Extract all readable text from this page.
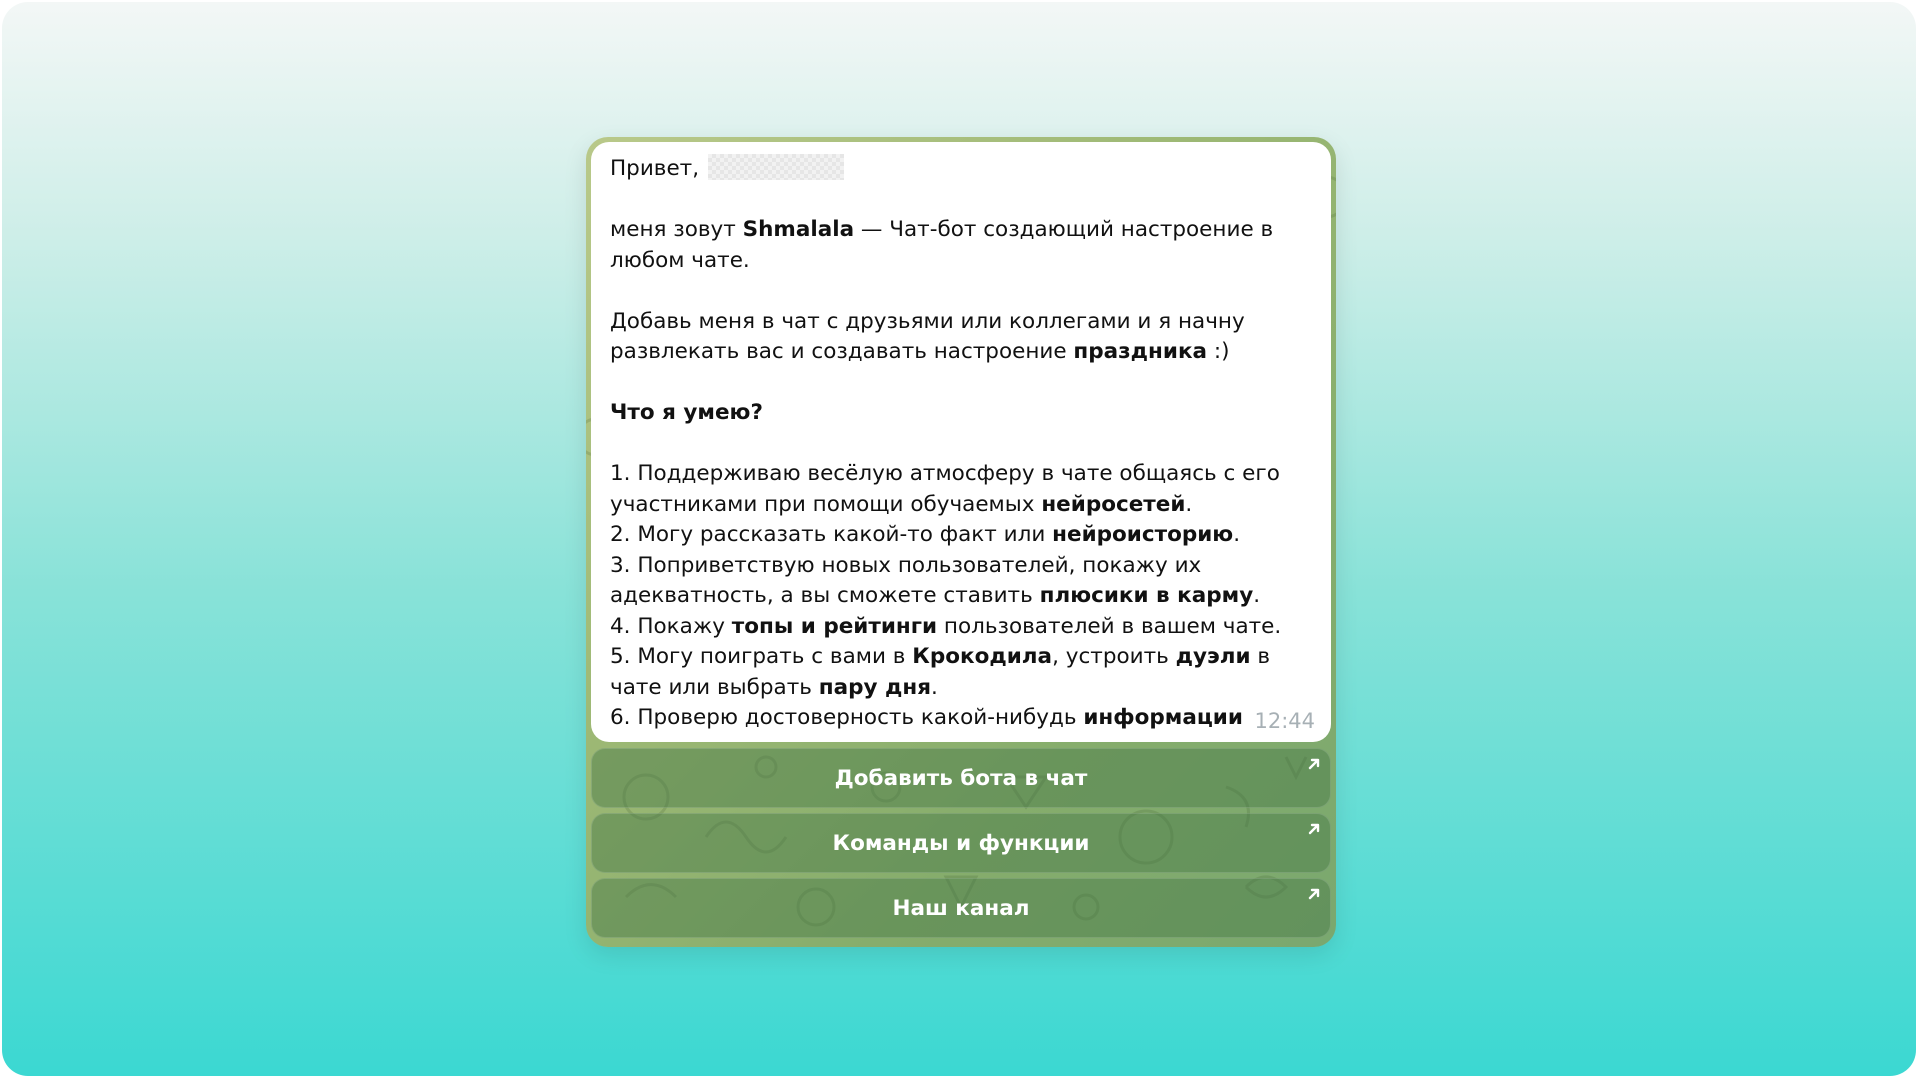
Привет,

меня зовут Shmalala — Чат-бот создающий настроение в любом чате.

Добавь меня в чат с друзьями или коллегами и я начну развлекать вас и создавать настроение праздника :)

Что я умею?

1. Поддерживаю весёлую атмосферу в чате общаясь с его участниками при помощи обучаемых нейросетей.

2. Могу рассказать какой-то факт или нейроисторию.

3. Поприветствую новых пользователей, покажу их адекватность, а вы сможете ставить плюсики в карму.

4. Покажу топы и рейтинги пользователей в вашем чате.

5. Могу поиграть с вами в Крокодила, устроить дуэли в чате или выбрать пару дня.

6. Проверю достоверность какой-нибудь информации 12:44
Добавить бота в чат
Команды и функции
Наш канал
